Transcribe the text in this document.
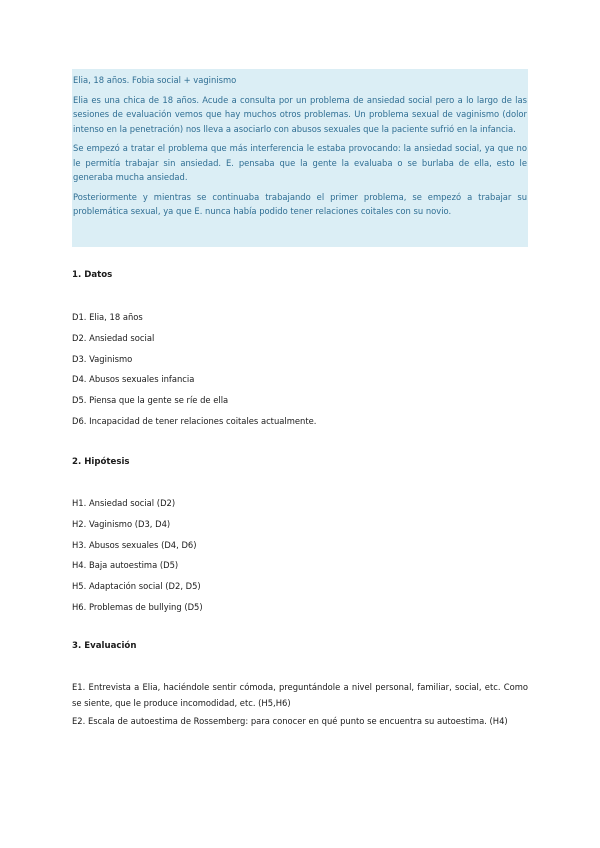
Elia, 18 años. Fobia social + vaginismo

Elia es una chica de 18 años. Acude a consulta por un problema de ansiedad social pero a lo largo de las sesiones de evaluación vemos que hay muchos otros problemas. Un problema sexual de vaginismo (dolor intenso en la penetración) nos lleva a asociarlo con abusos sexuales que la paciente sufrió en la infancia.

Se empezó a tratar el problema que más interferencia le estaba provocando: la ansiedad social, ya que no le permitía trabajar sin ansiedad. E. pensaba que la gente la evaluaba o se burlaba de ella, esto le generaba mucha ansiedad.

Posteriormente y mientras se continuaba trabajando el primer problema, se empezó a trabajar su problemática sexual, ya que E. nunca había podido tener relaciones coitales con su novio.

1. Datos
D1. Elia, 18 años
D2. Ansiedad social
D3. Vaginismo
D4. Abusos sexuales infancia
D5. Piensa que la gente se ríe de ella
D6. Incapacidad de tener relaciones coitales actualmente.
2. Hipótesis
H1. Ansiedad social (D2)
H2. Vaginismo (D3, D4)
H3. Abusos sexuales (D4, D6)
H4. Baja autoestima (D5)
H5. Adaptación social (D2, D5)
H6. Problemas de bullying (D5)
3. Evaluación

E1. Entrevista a Elia, haciéndole sentir cómoda, preguntándole a nivel personal, familiar, social, etc. Como se siente, que le produce incomodidad, etc. (H5,H6)

E2. Escala de autoestima de Rossemberg: para conocer en qué punto se encuentra su autoestima. (H4)
